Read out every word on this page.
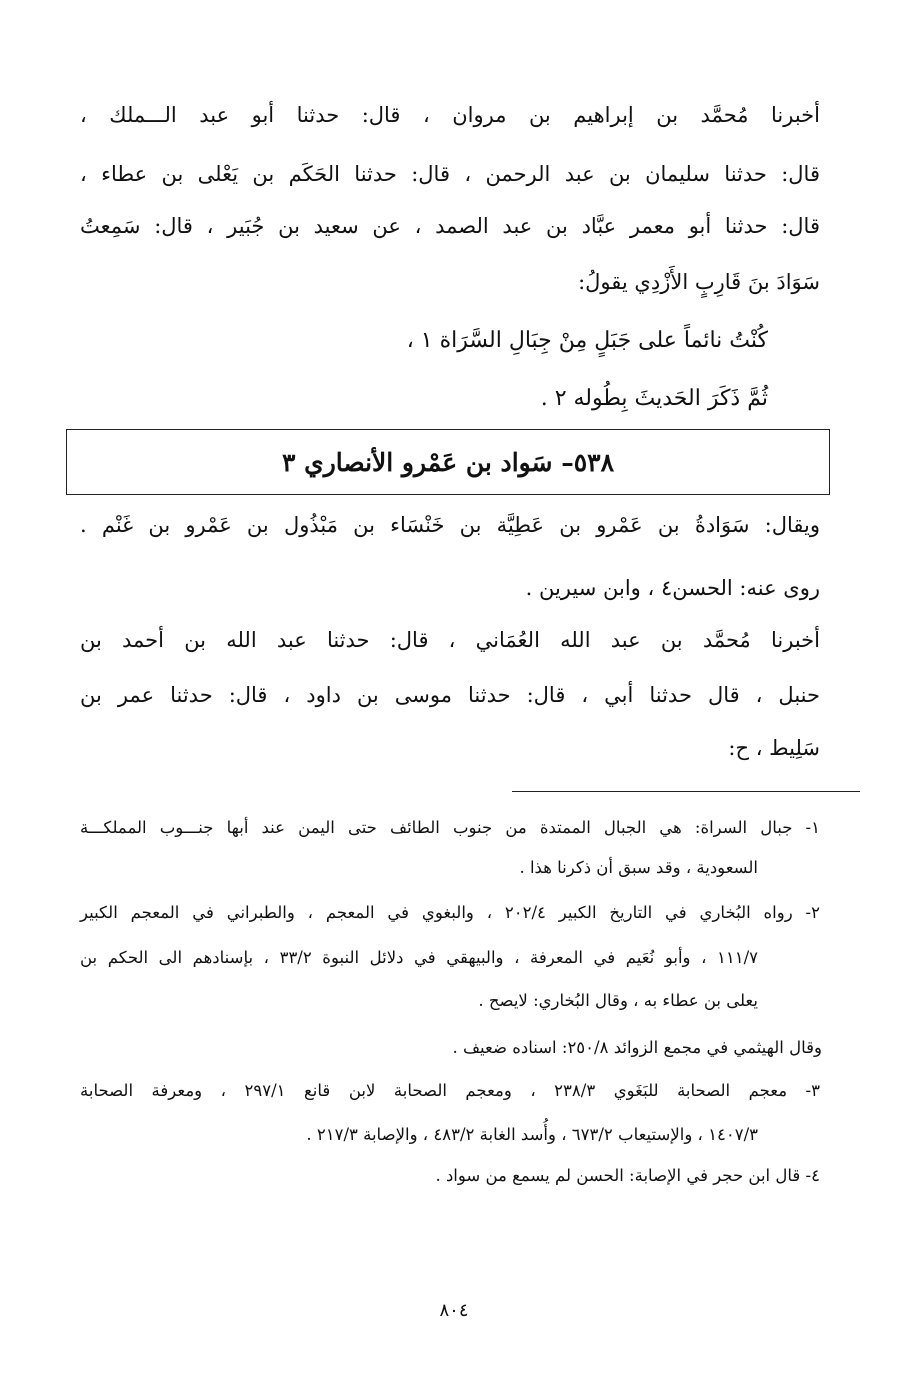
أخبرنا مُحمَّد بن إبراهيم بن مروان ، قال: حدثنا أبو عبد الـــملك ،
قال: حدثنا سليمان بن عبد الرحمن ، قال: حدثنا الحَكَم بن يَعْلى بن عطاء ،
قال: حدثنا أبو معمر عبَّاد بن عبد الصمد ، عن سعيد بن جُبَير ، قال: سَمِعتُ
سَوَادَ بنَ قَارِبٍ الأَزْدِي يقولُ:
كُنْتُ نائماً على جَبَلٍ مِنْ جِبَالِ السَّرَاة ١ ،
ثُمَّ ذَكَرَ الحَديثَ بِطُوله ٢ .
٥٣٨– سَواد بن عَمْرو الأنصاري ٣
ويقال: سَوَادةُ بن عَمْرو بن عَطِيَّة بن خَنْسَاء بن مَبْذُول بن عَمْرو بن غَنْم .
روى عنه: الحسن٤ ، وابن سيرين .
أخبرنا مُحمَّد بن عبد الله العُمَاني ، قال: حدثنا عبد الله بن أحمد بن
حنبل ، قال حدثنا أبي ، قال: حدثنا موسى بن داود ، قال: حدثنا عمر بن
سَلِيط ، ح:
١- جبال السراة: هي الجبال الممتدة من جنوب الطائف حتى اليمن عند أبها جنـــوب المملكـــة
السعودية ، وقد سبق أن ذكرنا هذا .
٢- رواه البُخاري في التاريخ الكبير ٢٠٢/٤ ، والبغوي في المعجم ، والطبراني في المعجم الكبير
١١١/٧ ، وأبو نُعَيم في المعرفة ، والبيهقي في دلائل النبوة ٣٣/٢ ، بإسنادهم الى الحكم بن
يعلى بن عطاء به ، وقال البُخاري: لايصح .
وقال الهيثمي في مجمع الزوائد ٢٥٠/٨: اسناده ضعيف .
٣- معجم الصحابة للبَغَوي ٢٣٨/٣ ، ومعجم الصحابة لابن قانع ٢٩٧/١ ، ومعرفة الصحابة
١٤٠٧/٣ ، والإستيعاب ٦٧٣/٢ ، وأُسد الغابة ٤٨٣/٢ ، والإصابة ٢١٧/٣ .
٤- قال ابن حجر في الإصابة: الحسن لم يسمع من سواد .
٨٠٤
